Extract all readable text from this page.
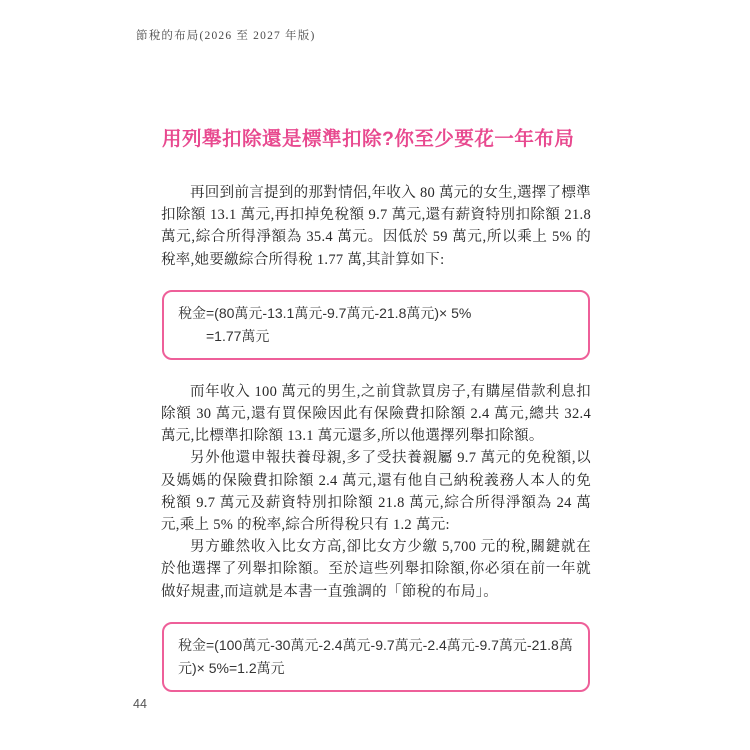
節稅的布局(2026 至 2027 年版)
用列舉扣除還是標準扣除?你至少要花一年布局

再回到前言提到的那對情侶,年收入 80 萬元的女生,選擇了標準扣除額 13.1 萬元,再扣掉免稅額 9.7 萬元,還有薪資特別扣除額 21.8 萬元,綜合所得淨額為 35.4 萬元。因低於 59 萬元,所以乘上 5% 的稅率,她要繳綜合所得稅 1.77 萬,其計算如下:

稅金=(80萬元-13.1萬元-9.7萬元-21.8萬元)× 5%
=1.77萬元

而年收入 100 萬元的男生,之前貸款買房子,有購屋借款利息扣除額 30 萬元,還有買保險因此有保險費扣除額 2.4 萬元,總共 32.4 萬元,比標準扣除額 13.1 萬元還多,所以他選擇列舉扣除額。

另外他還申報扶養母親,多了受扶養親屬 9.7 萬元的免稅額,以及媽媽的保險費扣除額 2.4 萬元,還有他自己納稅義務人本人的免稅額 9.7 萬元及薪資特別扣除額 21.8 萬元,綜合所得淨額為 24 萬元,乘上 5% 的稅率,綜合所得稅只有 1.2 萬元:

男方雖然收入比女方高,卻比女方少繳 5,700 元的稅,關鍵就在於他選擇了列舉扣除額。至於這些列舉扣除額,你必須在前一年就做好規畫,而這就是本書一直強調的「節稅的布局」。

稅金=(100萬元-30萬元-2.4萬元-9.7萬元-2.4萬元-9.7萬元-21.8萬元)× 5%=1.2萬元
44
